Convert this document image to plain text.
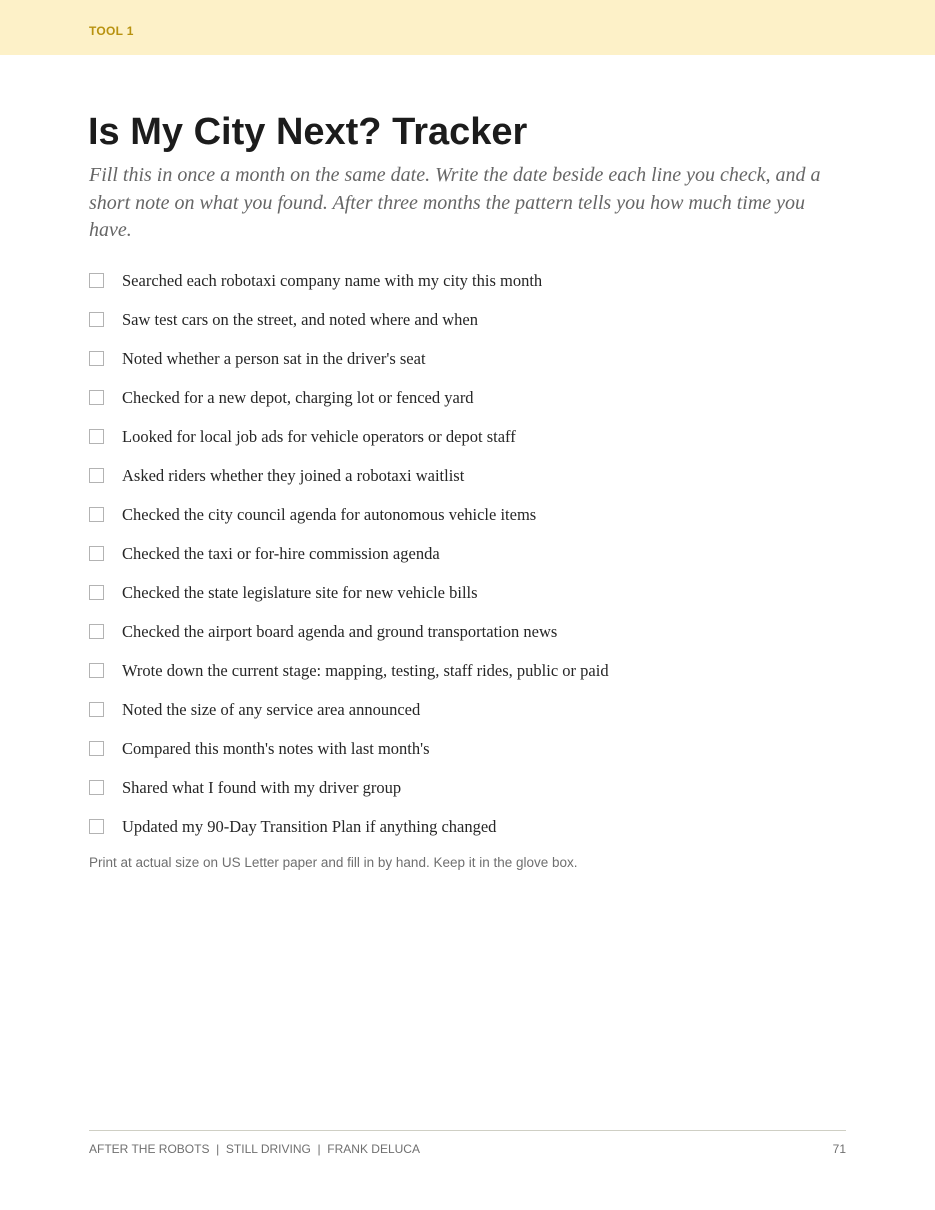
TOOL 1
Is My City Next? Tracker

Fill this in once a month on the same date. Write the date beside each line you check, and a short note on what you found. After three months the pattern tells you how much time you have.

Searched each robotaxi company name with my city this month
Saw test cars on the street, and noted where and when
Noted whether a person sat in the driver's seat
Checked for a new depot, charging lot or fenced yard
Looked for local job ads for vehicle operators or depot staff
Asked riders whether they joined a robotaxi waitlist
Checked the city council agenda for autonomous vehicle items
Checked the taxi or for-hire commission agenda
Checked the state legislature site for new vehicle bills
Checked the airport board agenda and ground transportation news
Wrote down the current stage: mapping, testing, staff rides, public or paid
Noted the size of any service area announced
Compared this month's notes with last month's
Shared what I found with my driver group
Updated my 90-Day Transition Plan if anything changed

Print at actual size on US Letter paper and fill in by hand. Keep it in the glove box.

AFTER THE ROBOTS  |  STILL DRIVING  |  FRANK DELUCA	71
